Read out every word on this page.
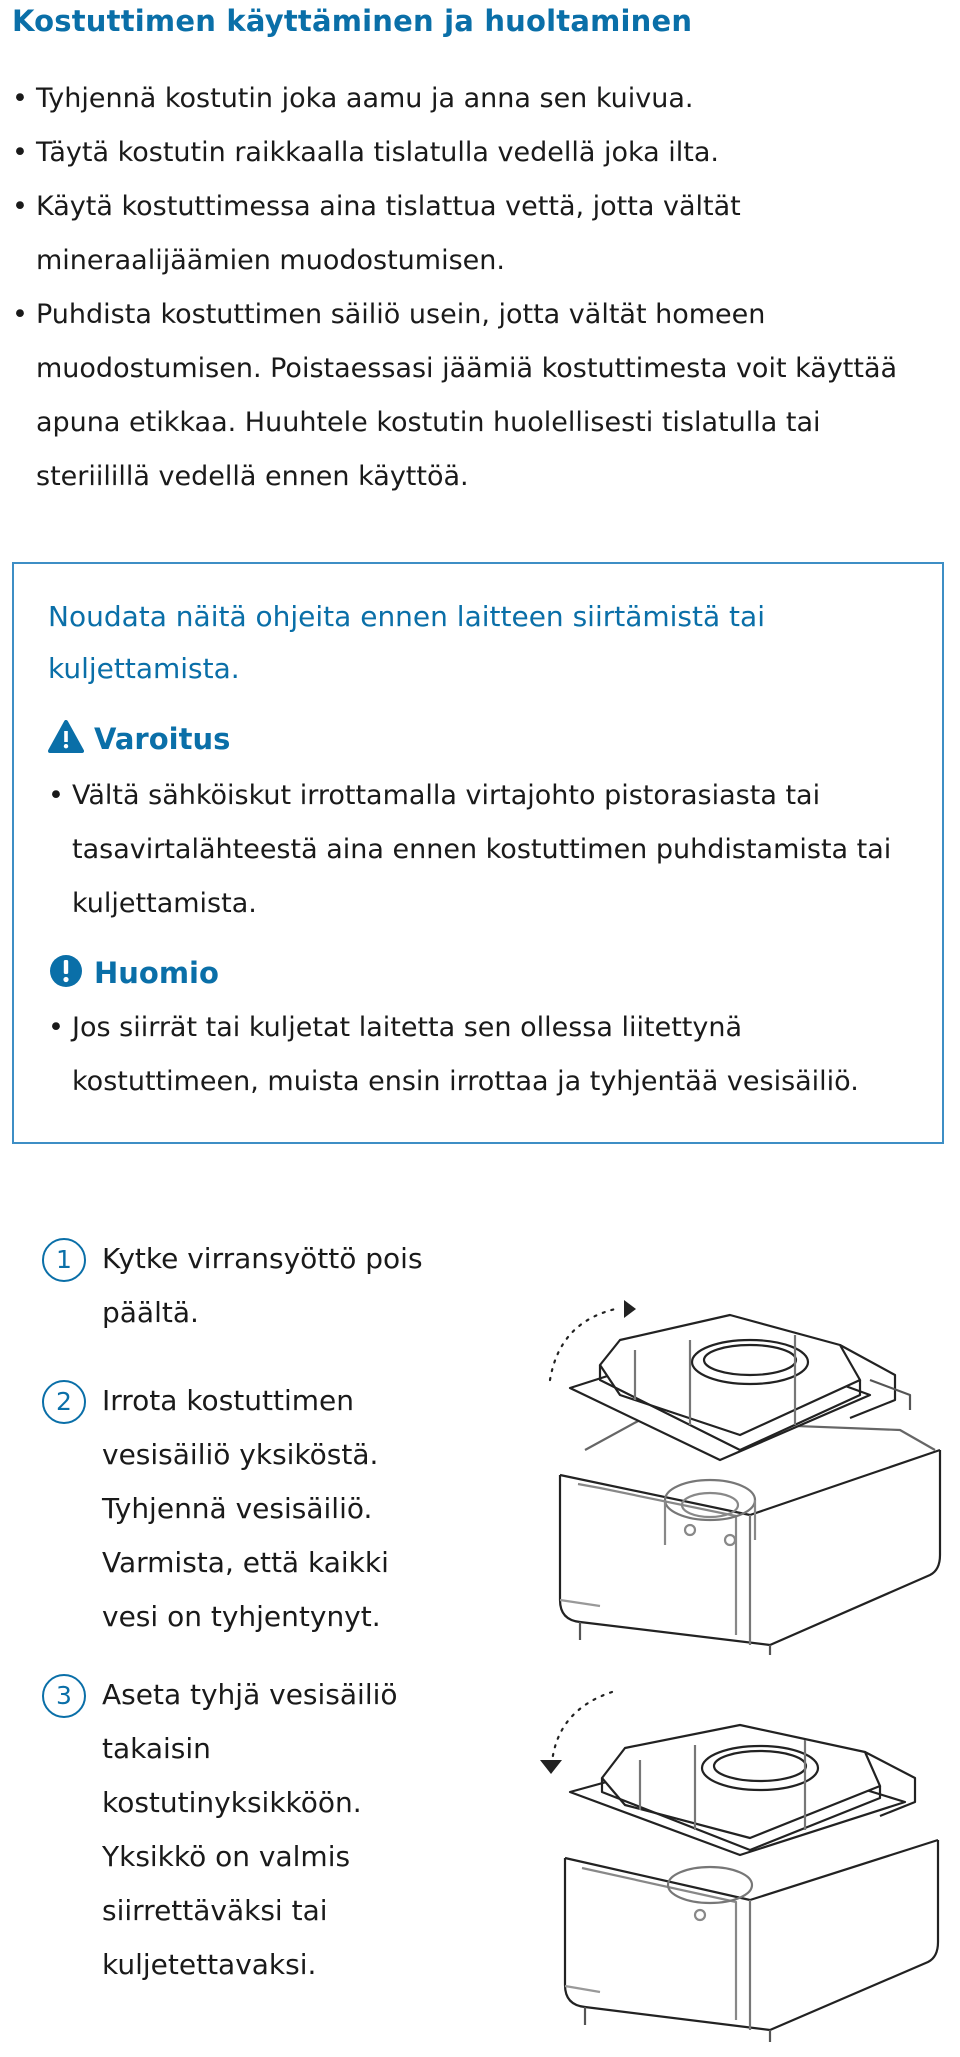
Kostuttimen käyttäminen ja huoltaminen
• Tyhjennä kostutin joka aamu ja anna sen kuivua.
• Täytä kostutin raikkaalla tislatulla vedellä joka ilta.
• Käytä kostuttimessa aina tislattua vettä, jotta vältät mineraalijäämien muodostumisen.
• Puhdista kostuttimen säiliö usein, jotta vältät homeen muodostumisen. Poistaessasi jäämiä kostuttimesta voit käyttää apuna etikkaa. Huuhtele kostutin huolellisesti tislatulla tai steriilillä vedellä ennen käyttöä.

Noudata näitä ohjeita ennen laitteen siirtämistä tai kuljettamista.

Varoitus
• Vältä sähköiskut irrottamalla virtajohto pistorasiasta tai tasavirtalähteestä aina ennen kostuttimen puhdistamista tai kuljettamista.
Huomio
• Jos siirrät tai kuljetat laitetta sen ollessa liitettynä kostuttimeen, muista ensin irrottaa ja tyhjentää vesisäiliö.
1	Kytke virransyöttö pois päältä.
2	Irrota kostuttimen vesisäiliö yksiköstä. Tyhjennä vesisäiliö. Varmista, että kaikki vesi on tyhjentynyt.
3	Aseta tyhjä vesisäiliö takaisin kostutinyksikköön. Yksikkö on valmis siirrettäväksi tai kuljetettavaksi.
